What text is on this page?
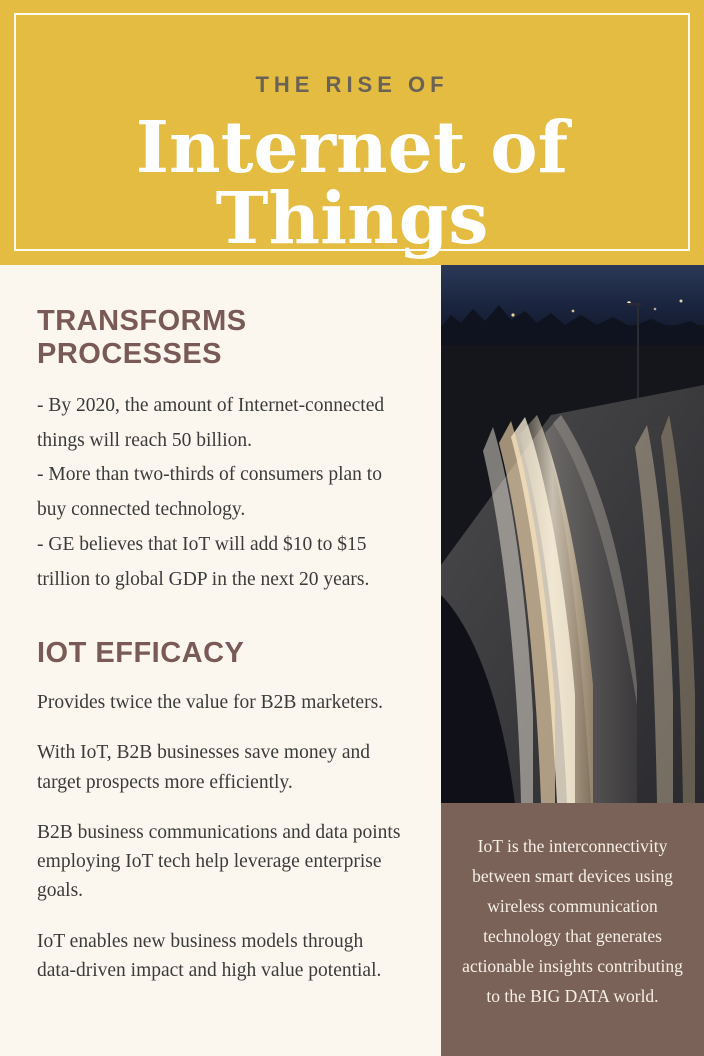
THE RISE OF
Internet of Things
TRANSFORMS PROCESSES
- By 2020, the amount of Internet-connected things will reach 50 billion.
- More than two-thirds of consumers plan to buy connected technology.
- GE believes that IoT will add $10 to $15 trillion to global GDP in the next 20 years.
IOT EFFICACY
Provides twice the value for B2B marketers.
With IoT, B2B businesses save money and target prospects more efficiently.
B2B business communications and data points employing IoT tech help leverage enterprise goals.
IoT enables new business models through data-driven impact and high value potential.
IoT is the interconnectivity between smart devices using wireless communication technology that generates actionable insights contributing to the BIG DATA world.
